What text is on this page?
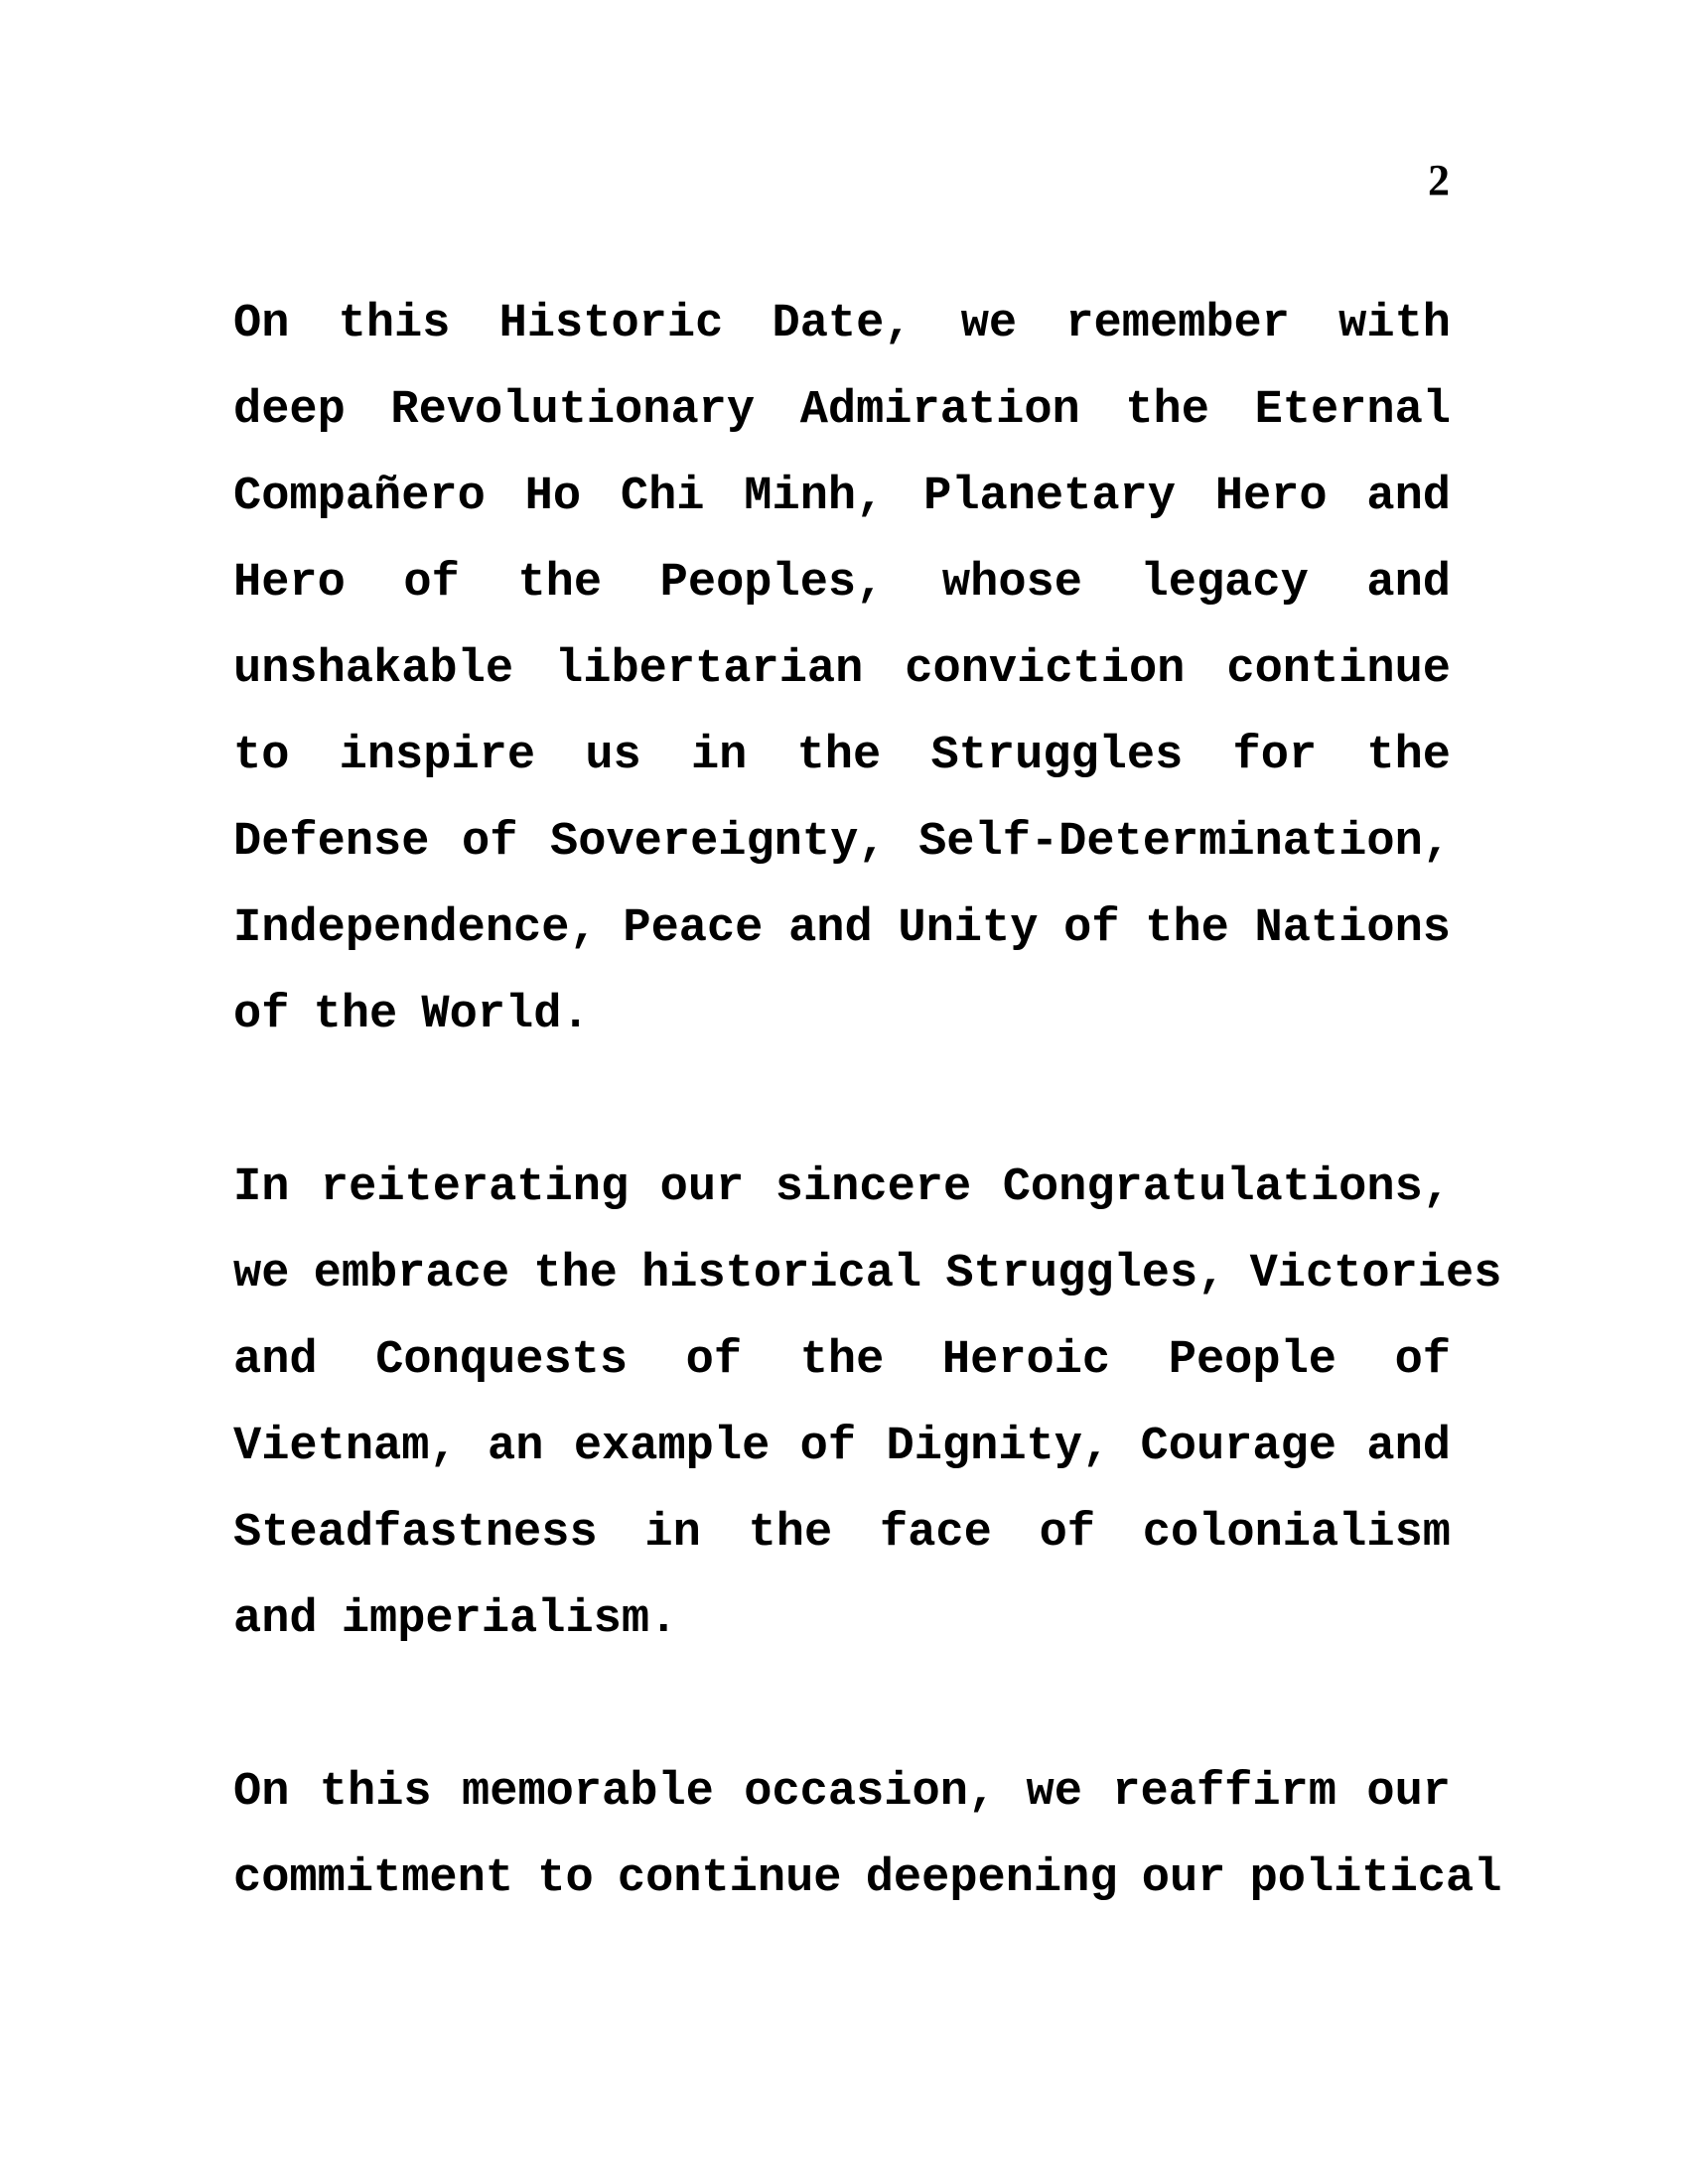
2

On this Historic Date, we remember with
deep Revolutionary Admiration the Eternal
Compañero Ho Chi Minh, Planetary Hero and
Hero of the Peoples, whose legacy and
unshakable libertarian conviction continue
to inspire us in the Struggles for the
Defense of Sovereignty, Self-Determination,
Independence, Peace and Unity of the Nations
of the World.

In reiterating our sincere Congratulations,
we embrace the historical Struggles, Victories
and Conquests of the Heroic People of
Vietnam, an example of Dignity, Courage and
Steadfastness in the face of colonialism
and imperialism.

On this memorable occasion, we reaffirm our
commitment to continue deepening our political
